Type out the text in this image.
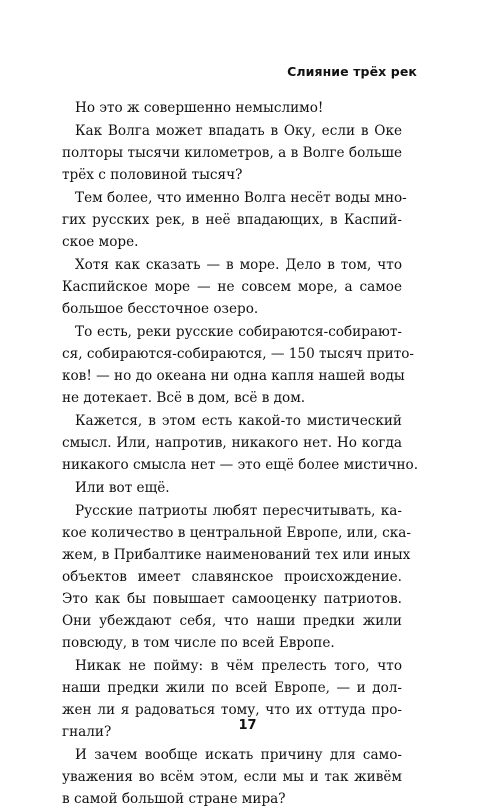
Слияние трёх рек
Но это ж совершенно немыслимо!
Как Волга может впадать в Оку, если в Оке
полторы тысячи километров, а в Волге больше
трёх с половиной тысяч?
Тем более, что именно Волга несёт воды мно-
гих русских рек, в неё впадающих, в Каспий-
ское море.
Хотя как сказать — в море. Дело в том, что
Каспийское море — не совсем море, а самое
большое бессточное озеро.
То есть, реки русские собираются-собирают-
ся, собираются-собираются, — 150 тысяч прито-
ков! — но до океана ни одна капля нашей воды
не дотекает. Всё в дом, всё в дом.
Кажется, в этом есть какой-то мистический
смысл. Или, напротив, никакого нет. Но когда
никакого смысла нет — это ещё более мистично.
Или вот ещё.
Русские патриоты любят пересчитывать, ка-
кое количество в центральной Европе, или, ска-
жем, в Прибалтике наименований тех или иных
объектов имеет славянское происхождение.
Это как бы повышает самооценку патриотов.
Они убеждают себя, что наши предки жили
повсюду, в том числе по всей Европе.
Никак не пойму: в чём прелесть того, что
наши предки жили по всей Европе, — и дол-
жен ли я радоваться тому, что их оттуда про-
гнали?
И зачем вообще искать причину для само-
уважения во всём этом, если мы и так живём
в самой большой стране мира?
17
